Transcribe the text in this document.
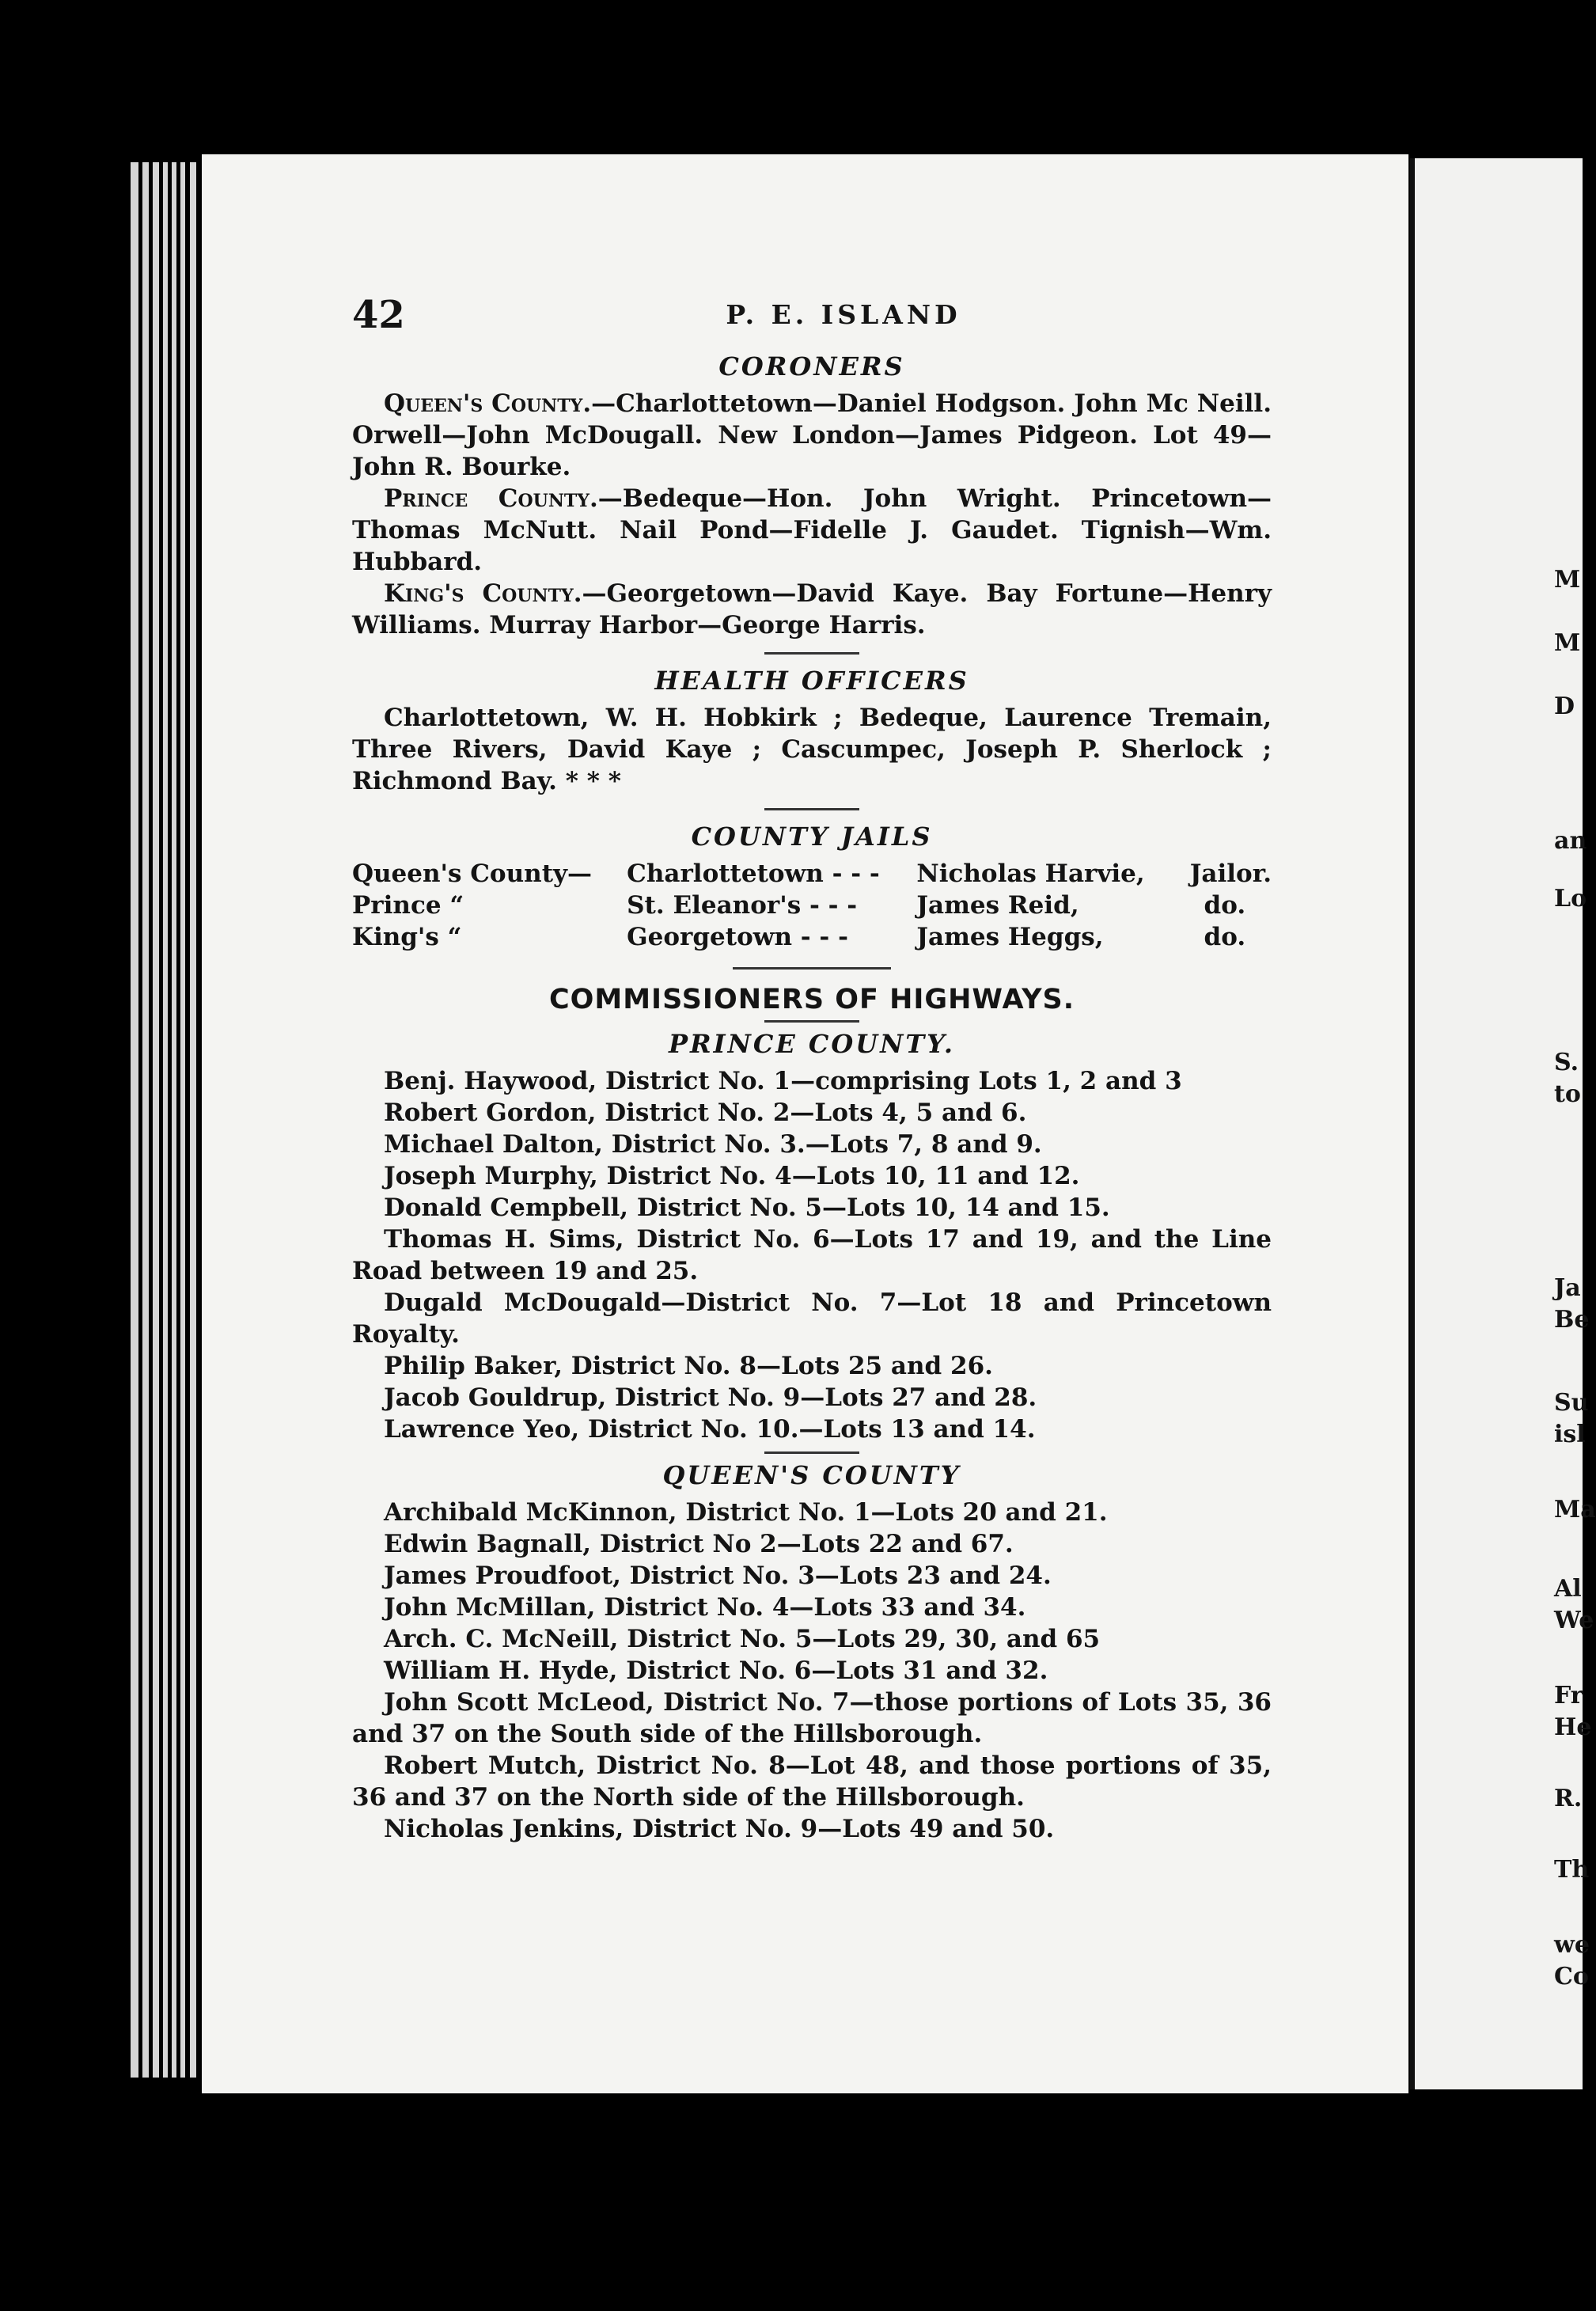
M
M
D
an
Lo
S.
to
Ja
Be
Su
isl
Ma
Al
We
Fr
He
R.
Th
we
Co
42	P. E. ISLAND
CORONERS

Queen's County.—Charlottetown—Daniel Hodgson. John Mc Neill. Orwell—John McDougall. New London—James Pidgeon. Lot 49—John R. Bourke.

Prince County.—Bedeque—Hon. John Wright. Princetown—Thomas McNutt. Nail Pond—Fidelle J. Gaudet. Tignish—Wm. Hubbard.

King's County.—Georgetown—David Kaye. Bay Fortune—Henry Williams. Murray Harbor—George Harris.

HEALTH OFFICERS

Charlottetown, W. H. Hobkirk ; Bedeque, Laurence Tremain, Three Rivers, David Kaye ; Cascumpec, Joseph P. Sherlock ; Richmond Bay. * * *

COUNTY JAILS
Queen's County—	Charlottetown - - -	Nicholas Harvie,	Jailor.
Prince “	St. Eleanor's - - -	James Reid,	do.
King's “	Georgetown - - -	James Heggs,	do.
COMMISSIONERS OF HIGHWAYS.
PRINCE COUNTY.

Benj. Haywood, District No. 1—comprising Lots 1, 2 and 3

Robert Gordon, District No. 2—Lots 4, 5 and 6.

Michael Dalton, District No. 3.—Lots 7, 8 and 9.

Joseph Murphy, District No. 4—Lots 10, 11 and 12.

Donald Cempbell, District No. 5—Lots 10, 14 and 15.

Thomas H. Sims, District No. 6—Lots 17 and 19, and the Line Road between 19 and 25.

Dugald McDougald—District No. 7—Lot 18 and Princetown Royalty.

Philip Baker, District No. 8—Lots 25 and 26.

Jacob Gouldrup, District No. 9—Lots 27 and 28.

Lawrence Yeo, District No. 10.—Lots 13 and 14.

QUEEN'S COUNTY

Archibald McKinnon, District No. 1—Lots 20 and 21.

Edwin Bagnall, District No 2—Lots 22 and 67.

James Proudfoot, District No. 3—Lots 23 and 24.

John McMillan, District No. 4—Lots 33 and 34.

Arch. C. McNeill, District No. 5—Lots 29, 30, and 65

William H. Hyde, District No. 6—Lots 31 and 32.

John Scott McLeod, District No. 7—those portions of Lots 35, 36 and 37 on the South side of the Hillsborough.

Robert Mutch, District No. 8—Lot 48, and those portions of 35, 36 and 37 on the North side of the Hillsborough.

Nicholas Jenkins, District No. 9—Lots 49 and 50.
